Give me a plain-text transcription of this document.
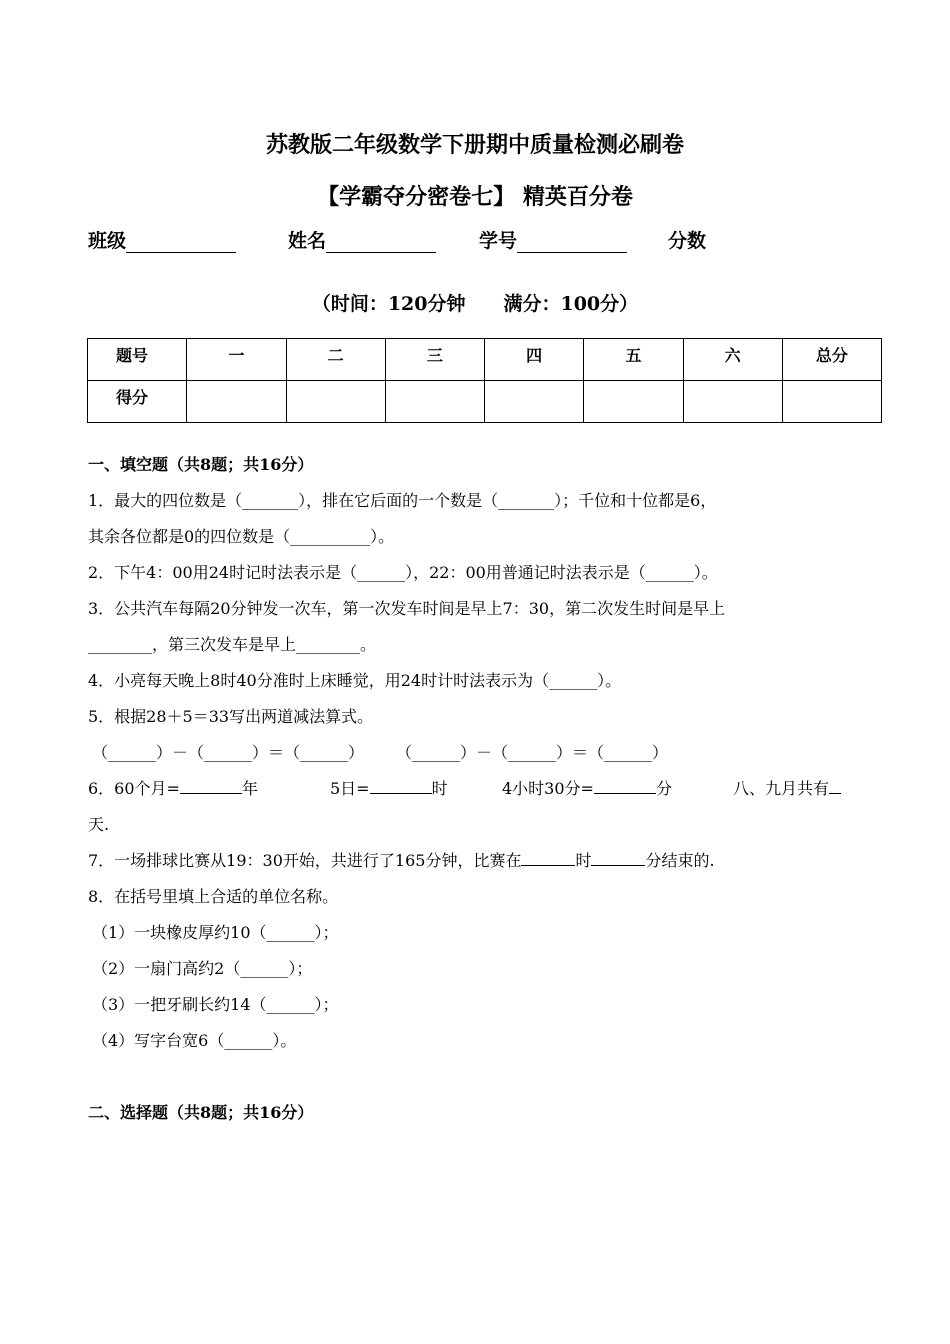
苏教版二年级数学下册期中质量检测必刷卷
【学霸夺分密卷七】 精英百分卷
班级	姓名	学号	分数
（时间：120分钟　　满分：100分）
题号	一	二	三	四	五	六	总分
得分							
一、填空题（共8题；共16分）
1．最大的四位数是（_______），排在它后面的一个数是（_______）；千位和十位都是6，
其余各位都是0的四位数是（__________）。
2．下午4：00用24时记时法表示是（______），22：00用普通记时法表示是（______）。
3．公共汽车每隔20分钟发一次车，第一次发车时间是早上7：30，第二次发生时间是早上
________，第三次发车是早上________。
4．小亮每天晚上8时40分准时上床睡觉，用24时计时法表示为（______）。
5．根据28＋5＝33写出两道减法算式。
（______）－（______）＝（______）　　　（______）－（______）＝（______）
6．60个月=	年	5日=	时	4小时30分=	分	八、九月共有
天.
7．一场排球比赛从19：30开始，共进行了165分钟，比赛在	时	分结束的.
8．在括号里填上合适的单位名称。
（1）一块橡皮厚约10（______）；
（2）一扇门高约2（______）；
（3）一把牙刷长约14（______）；
（4）写字台宽6（______）。
二、选择题（共8题；共16分）
